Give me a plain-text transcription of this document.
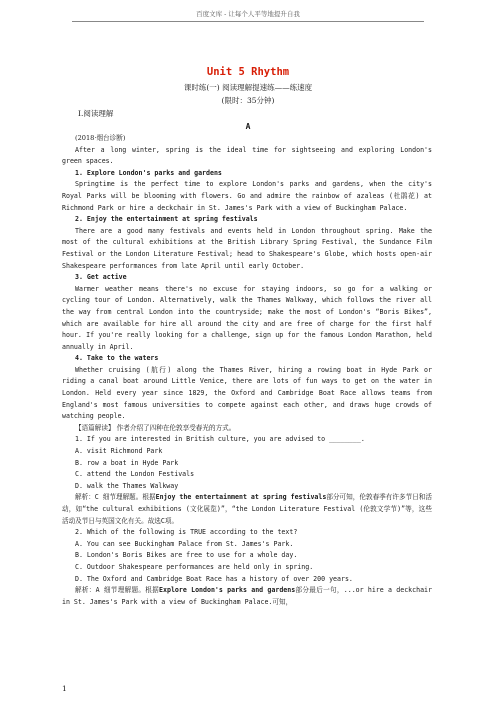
百度文库 - 让每个人平等地提升自我
Unit 5 Rhythm
课时练(一) 阅读理解提速练——练速度
(限时：35分钟)
Ⅰ.阅读理解
A

(2018·烟台诊断)

After a long winter, spring is the ideal time for sightseeing and exploring London's green spaces.

1. Explore London's parks and gardens

Springtime is the perfect time to explore London's parks and gardens, when the city's Royal Parks will be blooming with flowers. Go and admire the rainbow of azaleas (杜鹃花) at Richmond Park or hire a deckchair in St. James's Park with a view of Buckingham Palace.

2. Enjoy the entertainment at spring festivals

There are a good many festivals and events held in London throughout spring. Make the most of the cultural exhibitions at the British Library Spring Festival, the Sundance Film Festival or the London Literature Festival; head to Shakespeare's Globe, which hosts open-air Shakespeare performances from late April until early October.

3. Get active

Warmer weather means there's no excuse for staying indoors, so go for a walking or cycling tour of London. Alternatively, walk the Thames Walkway, which follows the river all the way from central London into the countryside; make the most of London's “Boris Bikes”, which are available for hire all around the city and are free of charge for the first half hour. If you're really looking for a challenge, sign up for the famous London Marathon, held annually in April.

4. Take to the waters

Whether cruising (航行) along the Thames River, hiring a rowing boat in Hyde Park or riding a canal boat around Little Venice, there are lots of fun ways to get on the water in London. Held every year since 1829, the Oxford and Cambridge Boat Race allows teams from England's most famous universities to compete against each other, and draws huge crowds of watching people.

【语篇解读】 作者介绍了四种在伦敦享受春光的方式。

1. If you are interested in British culture, you are advised to ________.

A. visit Richmond Park

B. row a boat in Hyde Park

C. attend the London Festivals

D. walk the Thames Walkway

解析：C 细节理解题。根据Enjoy the entertainment at spring festivals部分可知，伦敦春季有许多节日和活动，如“the cultural exhibitions (文化展览)”，“the London Literature Festival (伦敦文学节)”等，这些活动及节日与英国文化有关。故选C项。

2. Which of the following is TRUE according to the text?

A. You can see Buckingham Palace from St. James's Park.

B. London's Boris Bikes are free to use for a whole day.

C. Outdoor Shakespeare performances are held only in spring.

D. The Oxford and Cambridge Boat Race has a history of over 200 years.

解析：A 细节理解题。根据Explore London's parks and gardens部分最后一句，...or hire a deckchair in St. James's Park with a view of Buckingham Palace.可知，

1
